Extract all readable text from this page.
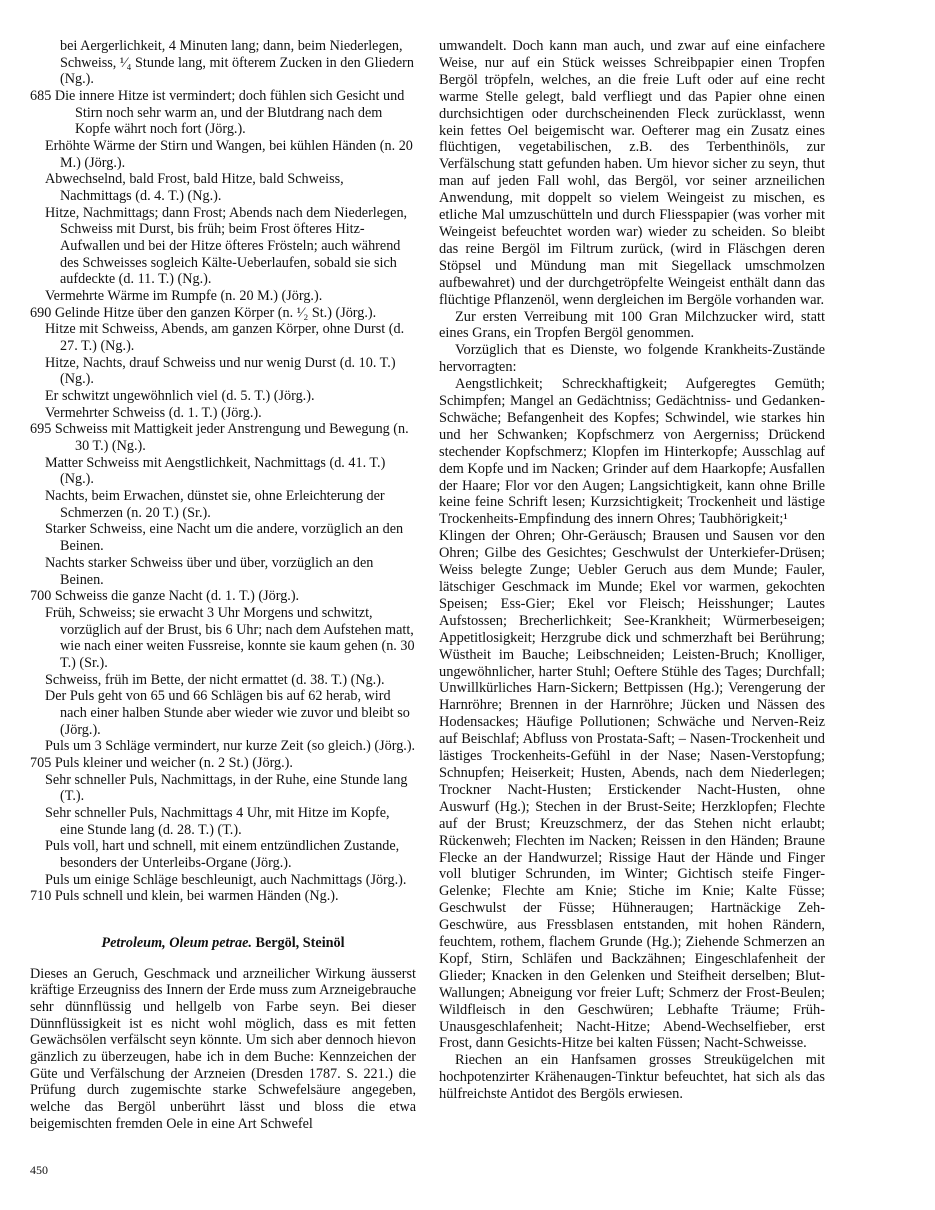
bei Aergerlichkeit, 4 Minuten lang; dann, beim Niederlegen, Schweiss, ¹⁄₄ Stunde lang, mit öfterem Zucken in den Gliedern (Ng.).

685 Die innere Hitze ist vermindert; doch fühlen sich Gesicht und Stirn noch sehr warm an, und der Blutdrang nach dem Kopfe währt noch fort (Jörg.).

Erhöhte Wärme der Stirn und Wangen, bei kühlen Händen (n. 20 M.) (Jörg.).

Abwechselnd, bald Frost, bald Hitze, bald Schweiss, Nachmittags (d. 4. T.) (Ng.).

Hitze, Nachmittags; dann Frost; Abends nach dem Niederlegen, Schweiss mit Durst, bis früh; beim Frost öfteres Hitz-Aufwallen und bei der Hitze öfteres Frösteln; auch während des Schweisses sogleich Kälte-Ueberlaufen, sobald sie sich aufdeckte (d. 11. T.) (Ng.).

Vermehrte Wärme im Rumpfe (n. 20 M.) (Jörg.).

690 Gelinde Hitze über den ganzen Körper (n. ¹⁄₂ St.) (Jörg.).

Hitze mit Schweiss, Abends, am ganzen Körper, ohne Durst (d. 27. T.) (Ng.).

Hitze, Nachts, drauf Schweiss und nur wenig Durst (d. 10. T.) (Ng.).

Er schwitzt ungewöhnlich viel (d. 5. T.) (Jörg.).

Vermehrter Schweiss (d. 1. T.) (Jörg.).

695 Schweiss mit Mattigkeit jeder Anstrengung und Bewegung (n. 30 T.) (Ng.).

Matter Schweiss mit Aengstlichkeit, Nachmittags (d. 41. T.) (Ng.).

Nachts, beim Erwachen, dünstet sie, ohne Erleichterung der Schmerzen (n. 20 T.) (Sr.).

Starker Schweiss, eine Nacht um die andere, vorzüglich an den Beinen.

Nachts starker Schweiss über und über, vorzüglich an den Beinen.

700 Schweiss die ganze Nacht (d. 1. T.) (Jörg.).

Früh, Schweiss; sie erwacht 3 Uhr Morgens und schwitzt, vorzüglich auf der Brust, bis 6 Uhr; nach dem Aufstehen matt, wie nach einer weiten Fussreise, konnte sie kaum gehen (n. 30 T.) (Sr.).

Schweiss, früh im Bette, der nicht ermattet (d. 38. T.) (Ng.).

Der Puls geht von 65 und 66 Schlägen bis auf 62 herab, wird nach einer halben Stunde aber wieder wie zuvor und bleibt so (Jörg.).

Puls um 3 Schläge vermindert, nur kurze Zeit (so gleich.) (Jörg.).

705 Puls kleiner und weicher (n. 2 St.) (Jörg.).

Sehr schneller Puls, Nachmittags, in der Ruhe, eine Stunde lang (T.).

Sehr schneller Puls, Nachmittags 4 Uhr, mit Hitze im Kopfe, eine Stunde lang (d. 28. T.) (T.).

Puls voll, hart und schnell, mit einem entzündlichen Zustande, besonders der Unterleibs-Organe (Jörg.).

Puls um einige Schläge beschleunigt, auch Nachmittags (Jörg.).

710 Puls schnell und klein, bei warmen Händen (Ng.).

Petroleum, Oleum petrae. Bergöl, Steinöl

Dieses an Geruch, Geschmack und arzneilicher Wirkung äusserst kräftige Erzeugniss des Innern der Erde muss zum Arzneigebrauche sehr dünnflüssig und hellgelb von Farbe seyn. Bei dieser Dünnflüssigkeit ist es nicht wohl möglich, dass es mit fetten Gewächsölen verfälscht seyn könnte. Um sich aber dennoch hievon gänzlich zu überzeugen, habe ich in dem Buche: Kennzeichen der Güte und Verfälschung der Arzneien (Dresden 1787. S. 221.) die Prüfung durch zugemischte starke Schwefelsäure angegeben, welche das Bergöl unberührt lässt und bloss die etwa beigemischten fremden Oele in eine Art Schwefel

umwandelt. Doch kann man auch, und zwar auf eine einfachere Weise, nur auf ein Stück weisses Schreibpapier einen Tropfen Bergöl tröpfeln, welches, an die freie Luft oder auf eine recht warme Stelle gelegt, bald verfliegt und das Papier ohne einen durchsichtigen oder durchscheinenden Fleck zurücklasst, wenn kein fettes Oel beigemischt war. Oefterer mag ein Zusatz eines flüchtigen, vegetabilischen, z.B. des Terbenthinöls, zur Verfälschung statt gefunden haben. Um hievor sicher zu seyn, thut man auf jeden Fall wohl, das Bergöl, vor seiner arzneilichen Anwendung, mit doppelt so vielem Weingeist zu mischen, es etliche Mal umzuschütteln und durch Fliesspapier (was vorher mit Weingeist befeuchtet worden war) wieder zu scheiden. So bleibt das reine Bergöl im Filtrum zurück, (wird in Fläschgen deren Stöpsel und Mündung man mit Siegellack umschmolzen aufbewahret) und der durchgetröpfelte Weingeist enthält dann das flüchtige Pflanzenöl, wenn dergleichen im Bergöle vorhanden war.

Zur ersten Verreibung mit 100 Gran Milchzucker wird, statt eines Grans, ein Tropfen Bergöl genommen.

Vorzüglich that es Dienste, wo folgende Krankheits-Zustände hervorragten:

Aengstlichkeit; Schreckhaftigkeit; Aufgeregtes Gemüth; Schimpfen; Mangel an Gedächtniss; Gedächtniss- und Gedanken-Schwäche; Befangenheit des Kopfes; Schwindel, wie starkes hin und her Schwanken; Kopfschmerz von Aergerniss; Drückend stechender Kopfschmerz; Klopfen im Hinterkopfe; Ausschlag auf dem Kopfe und im Nacken; Grinder auf dem Haarkopfe; Ausfallen der Haare; Flor vor den Augen; Langsichtigkeit, kann ohne Brille keine feine Schrift lesen; Kurzsichtigkeit; Trockenheit und lästige Trockenheits-Empfindung des innern Ohres; Taubhörigkeit;¹

Klingen der Ohren; Ohr-Geräusch; Brausen und Sausen vor den Ohren; Gilbe des Gesichtes; Geschwulst der Unterkiefer-Drüsen; Weiss belegte Zunge; Uebler Geruch aus dem Munde; Fauler, lätschiger Geschmack im Munde; Ekel vor warmen, gekochten Speisen; Ess-Gier; Ekel vor Fleisch; Heisshunger; Lautes Aufstossen; Brecherlichkeit; See-Krankheit; Würmerbeseigen; Appetitlosigkeit; Herzgrube dick und schmerzhaft bei Berührung; Wüstheit im Bauche; Leibschneiden; Leisten-Bruch; Knolliger, ungewöhnlicher, harter Stuhl; Oeftere Stühle des Tages; Durchfall; Unwillkürliches Harn-Sickern; Bettpissen (Hg.); Verengerung der Harnröhre; Brennen in der Harnröhre; Jücken und Nässen des Hodensackes; Häufige Pollutionen; Schwäche und Nerven-Reiz auf Beischlaf; Abfluss von Prostata-Saft; – Nasen-Trockenheit und lästiges Trockenheits-Gefühl in der Nase; Nasen-Verstopfung; Schnupfen; Heiserkeit; Husten, Abends, nach dem Niederlegen; Trockner Nacht-Husten; Erstickender Nacht-Husten, ohne Auswurf (Hg.); Stechen in der Brust-Seite; Herzklopfen; Flechte auf der Brust; Kreuzschmerz, der das Stehen nicht erlaubt; Rückenweh; Flechten im Nacken; Reissen in den Händen; Braune Flecke an der Handwurzel; Rissige Haut der Hände und Finger voll blutiger Schrunden, im Winter; Gichtisch steife Finger-Gelenke; Flechte am Knie; Stiche im Knie; Kalte Füsse; Geschwulst der Füsse; Hühneraugen; Hartnäckige Zeh-Geschwüre, aus Fressblasen entstanden, mit hohen Rändern, feuchtem, rothem, flachem Grunde (Hg.); Ziehende Schmerzen an Kopf, Stirn, Schläfen und Backzähnen; Eingeschlafenheit der Glieder; Knacken in den Gelenken und Steifheit derselben; Blut-Wallungen; Abneigung vor freier Luft; Schmerz der Frost-Beulen; Wildfleisch in den Geschwüren; Lebhafte Träume; Früh-Unausgeschlafenheit; Nacht-Hitze; Abend-Wechselfieber, erst Frost, dann Gesichts-Hitze bei kalten Füssen; Nacht-Schweisse.

Riechen an ein Hanfsamen grosses Streukügelchen mit hochpotenzirter Krähenaugen-Tinktur befeuchtet, hat sich als das hülfreichste Antidot des Bergöls erwiesen.

450
